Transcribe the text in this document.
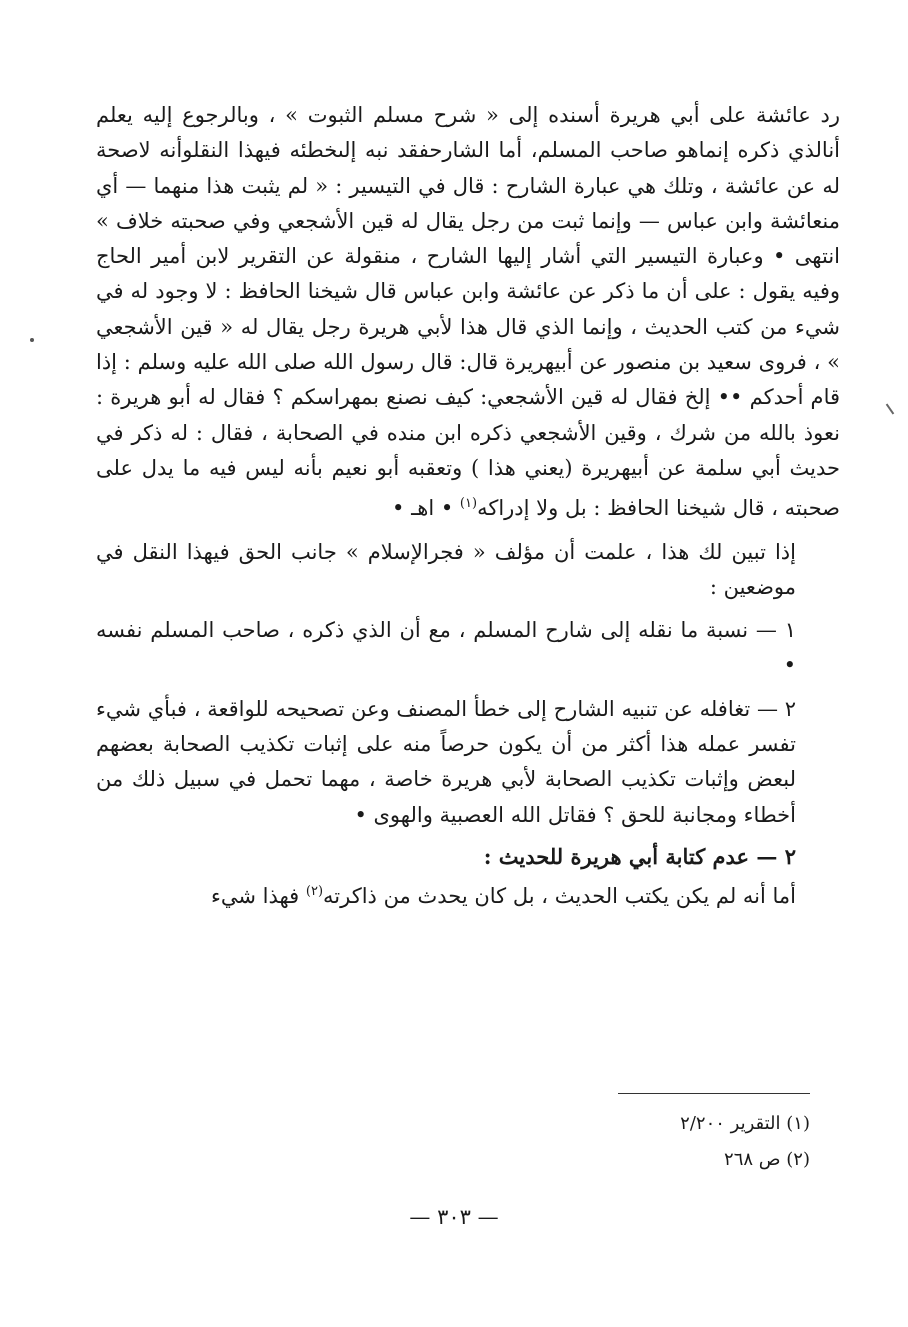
رد عائشة على أبي هريرة أسنده إلى « شرح مسلم الثبوت » ، وبالرجوع إليه يعلم أنالذي ذكره إنماهو صاحب المسلم، أما الشارحفقد نبه إلىخطئه فيهذا النقلوأنه لاصحة له عن عائشة ، وتلك هي عبارة الشارح : قال في التيسير : « لم يثبت هذا منهما — أي منعائشة وابن عباس — وإنما ثبت من رجل يقال له قين الأشجعي وفي صحبته خلاف » انتهى • وعبارة التيسير التي أشار إليها الشارح ، منقولة عن التقرير لابن أمير الحاج وفيه يقول : على أن ما ذكر عن عائشة وابن عباس قال شيخنا الحافظ : لا وجود له في شيء من كتب الحديث ، وإنما الذي قال هذا لأبي هريرة رجل يقال له « قين الأشجعي » ، فروى سعيد بن منصور عن أبيهريرة قال: قال رسول الله صلى الله عليه وسلم : إذا قام أحدكم •• إلخ فقال له قين الأشجعي: كيف نصنع بمهراسكم ؟ فقال له أبو هريرة : نعوذ بالله من شرك ، وقين الأشجعي ذكره ابن منده في الصحابة ، فقال : له ذكر في حديث أبي سلمة عن أبيهريرة (يعني هذا ) وتعقبه أبو نعيم بأنه ليس فيه ما يدل على صحبته ، قال شيخنا الحافظ : بل ولا إدراكه$^{(١)}$ • اهـ •

إذا تبين لك هذا ، علمت أن مؤلف « فجرالإسلام » جانب الحق فيهذا النقل في موضعين :

١ — نسبة ما نقله إلى شارح المسلم ، مع أن الذي ذكره ، صاحب المسلم نفسه •

٢ — تغافله عن تنبيه الشارح إلى خطأ المصنف وعن تصحيحه للواقعة ، فبأي شيء تفسر عمله هذا أكثر من أن يكون حرصاً منه على إثبات تكذيب الصحابة بعضهم لبعض وإثبات تكذيب الصحابة لأبي هريرة خاصة ، مهما تحمل في سبيل ذلك من أخطاء ومجانبة للحق ؟ فقاتل الله العصبية والهوى •

٢ — عدم كتابة أبي هريرة للحديث :

أما أنه لم يكن يكتب الحديث ، بل كان يحدث من ذاكرته$^{(٢)}$ فهذا شيء

(١) التقرير ٢/٢٠٠

(٢) ص ٢٦٨

— ٣٠٣ —
